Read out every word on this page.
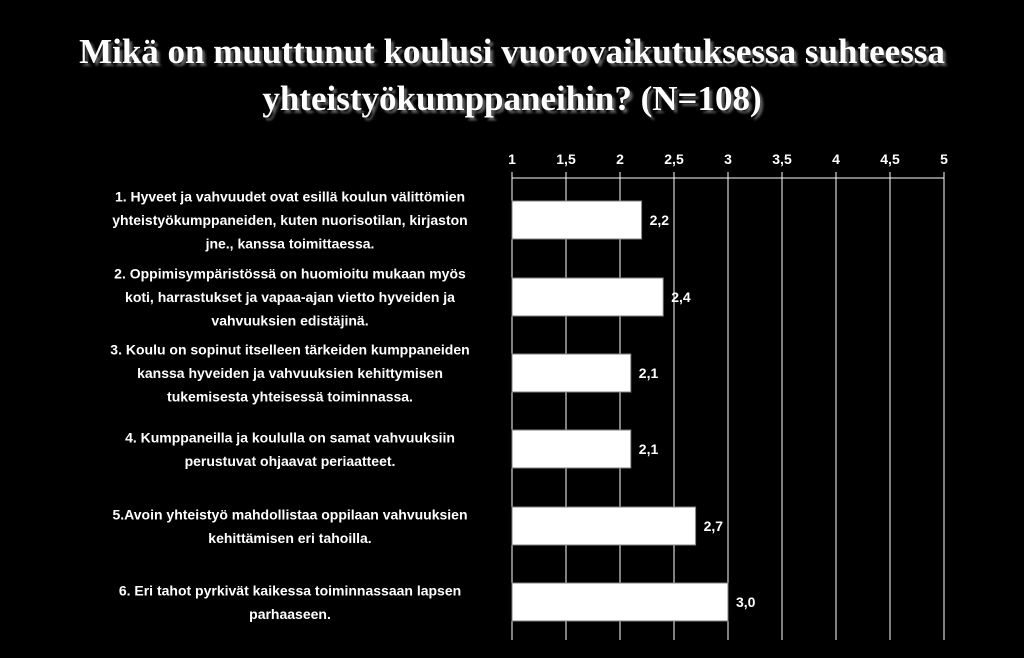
Mikä on muuttunut koulusi vuorovaikutuksessa suhteessa
yhteistyökumppaneihin? (N=108)
1	1,5	2	2,5	3	3,5	4	4,5	5
2,2
1. Hyveet ja vahvuudet ovat esillä koulun välittömien yhteistyökumppaneiden, kuten nuorisotilan, kirjaston jne., kanssa toimittaessa.
2,4
2. Oppimisympäristössä on huomioitu mukaan myös koti, harrastukset ja vapaa-ajan vietto hyveiden ja vahvuuksien edistäjinä.
2,1
3. Koulu on sopinut itselleen tärkeiden kumppaneiden kanssa hyveiden ja vahvuuksien kehittymisen tukemisesta yhteisessä toiminnassa.
2,1
4. Kumppaneilla ja koululla on samat vahvuuksiin perustuvat ohjaavat periaatteet.
2,7
5.Avoin yhteistyö mahdollistaa oppilaan vahvuuksien kehittämisen eri tahoilla.
3,0
6. Eri tahot pyrkivät kaikessa toiminnassaan lapsen parhaaseen.
